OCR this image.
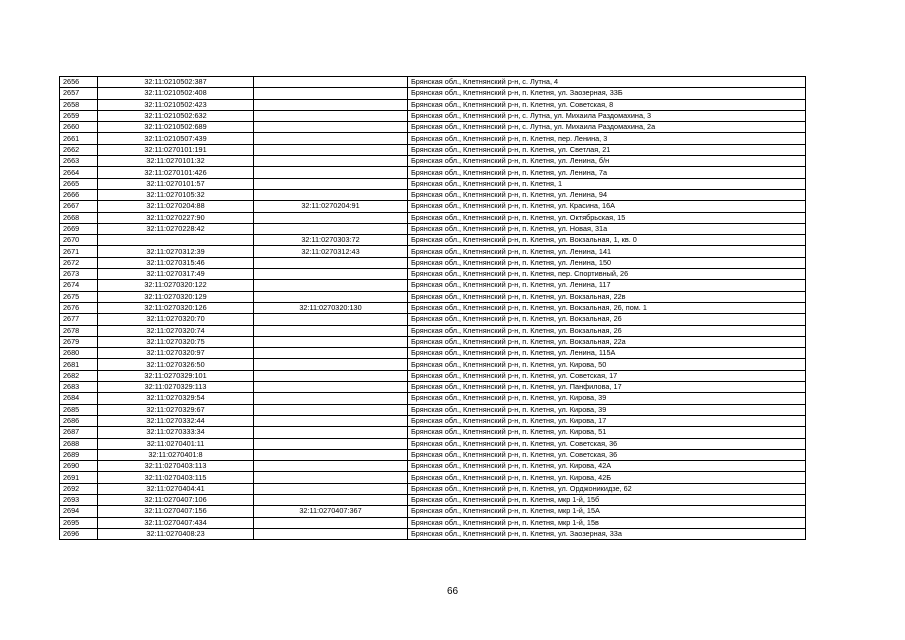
2656	32:11:0210502:387		Брянская обл., Клетнянский р-н, с. Лутна, 4
2657	32:11:0210502:408		Брянская обл., Клетнянский р-н, п. Клетня, ул. Заозерная, 33Б
2658	32:11:0210502:423		Брянская обл., Клетнянский р-н, п. Клетня, ул. Советская, 8
2659	32:11:0210502:632		Брянская обл., Клетнянский р-н, с. Лутна, ул. Михаила Раздомахина, 3
2660	32:11:0210502:689		Брянская обл., Клетнянский р-н, с. Лутна, ул. Михаила Раздомахина, 2а
2661	32:11:0210507:439		Брянская обл., Клетнянский р-н, п. Клетня, пер. Ленина, 3
2662	32:11:0270101:191		Брянская обл., Клетнянский р-н, п. Клетня, ул. Светлая, 21
2663	32:11:0270101:32		Брянская обл., Клетнянский р-н, п. Клетня, ул. Ленина, б/н
2664	32:11:0270101:426		Брянская обл., Клетнянский р-н, п. Клетня, ул. Ленина, 7а
2665	32:11:0270101:57		Брянская обл., Клетнянский р-н, п. Клетня, 1
2666	32:11:0270105:32		Брянская обл., Клетнянский р-н, п. Клетня, ул. Ленина, 94
2667	32:11:0270204:88	32:11:0270204:91	Брянская обл., Клетнянский р-н, п. Клетня, ул. Красина, 16А
2668	32:11:0270227:90		Брянская обл., Клетнянский р-н, п. Клетня, ул. Октябрьская, 15
2669	32:11:0270228:42		Брянская обл., Клетнянский р-н, п. Клетня, ул. Новая, 31а
2670		32:11:0270303:72	Брянская обл., Клетнянский р-н, п. Клетня, ул. Вокзальная, 1, кв. 0
2671	32:11:0270312:39	32:11:0270312:43	Брянская обл., Клетнянский р-н, п. Клетня, ул. Ленина, 141
2672	32:11:0270315:46		Брянская обл., Клетнянский р-н, п. Клетня, ул. Ленина, 150
2673	32:11:0270317:49		Брянская обл., Клетнянский р-н, п. Клетня, пер. Спортивный, 26
2674	32:11:0270320:122		Брянская обл., Клетнянский р-н, п. Клетня, ул. Ленина, 117
2675	32:11:0270320:129		Брянская обл., Клетнянский р-н, п. Клетня, ул. Вокзальная, 22в
2676	32:11:0270320:126	32:11:0270320:130	Брянская обл., Клетнянский р-н, п. Клетня, ул. Вокзальная, 26, пом. 1
2677	32:11:0270320:70		Брянская обл., Клетнянский р-н, п. Клетня, ул. Вокзальная, 26
2678	32:11:0270320:74		Брянская обл., Клетнянский р-н, п. Клетня, ул. Вокзальная, 26
2679	32:11:0270320:75		Брянская обл., Клетнянский р-н, п. Клетня, ул. Вокзальная, 22а
2680	32:11:0270320:97		Брянская обл., Клетнянский р-н, п. Клетня, ул. Ленина, 115А
2681	32:11:0270326:50		Брянская обл., Клетнянский р-н, п. Клетня, ул. Кирова, 50
2682	32:11:0270329:101		Брянская обл., Клетнянский р-н, п. Клетня, ул. Советская, 17
2683	32:11:0270329:113		Брянская обл., Клетнянский р-н, п. Клетня, ул. Панфилова, 17
2684	32:11:0270329:54		Брянская обл., Клетнянский р-н, п. Клетня, ул. Кирова, 39
2685	32:11:0270329:67		Брянская обл., Клетнянский р-н, п. Клетня, ул. Кирова, 39
2686	32:11:0270332:44		Брянская обл., Клетнянский р-н, п. Клетня, ул. Кирова, 17
2687	32:11:0270333:34		Брянская обл., Клетнянский р-н, п. Клетня, ул. Кирова, 51
2688	32:11:0270401:11		Брянская обл., Клетнянский р-н, п. Клетня, ул. Советская, 36
2689	32:11:0270401:8		Брянская обл., Клетнянский р-н, п. Клетня, ул. Советская, 36
2690	32:11:0270403:113		Брянская обл., Клетнянский р-н, п. Клетня, ул. Кирова, 42А
2691	32:11:0270403:115		Брянская обл., Клетнянский р-н, п. Клетня, ул. Кирова, 42Б
2692	32:11:0270404:41		Брянская обл., Клетнянский р-н, п. Клетня, ул. Орджоникидзе, 62
2693	32:11:0270407:106		Брянская обл., Клетнянский р-н, п. Клетня, мкр 1-й, 15б
2694	32:11:0270407:156	32:11:0270407:367	Брянская обл., Клетнянский р-н, п. Клетня, мкр 1-й, 15А
2695	32:11:0270407:434		Брянская обл., Клетнянский р-н, п. Клетня, мкр 1-й, 15в
2696	32:11:0270408:23		Брянская обл., Клетнянский р-н, п. Клетня, ул. Заозерная, 33а
66
